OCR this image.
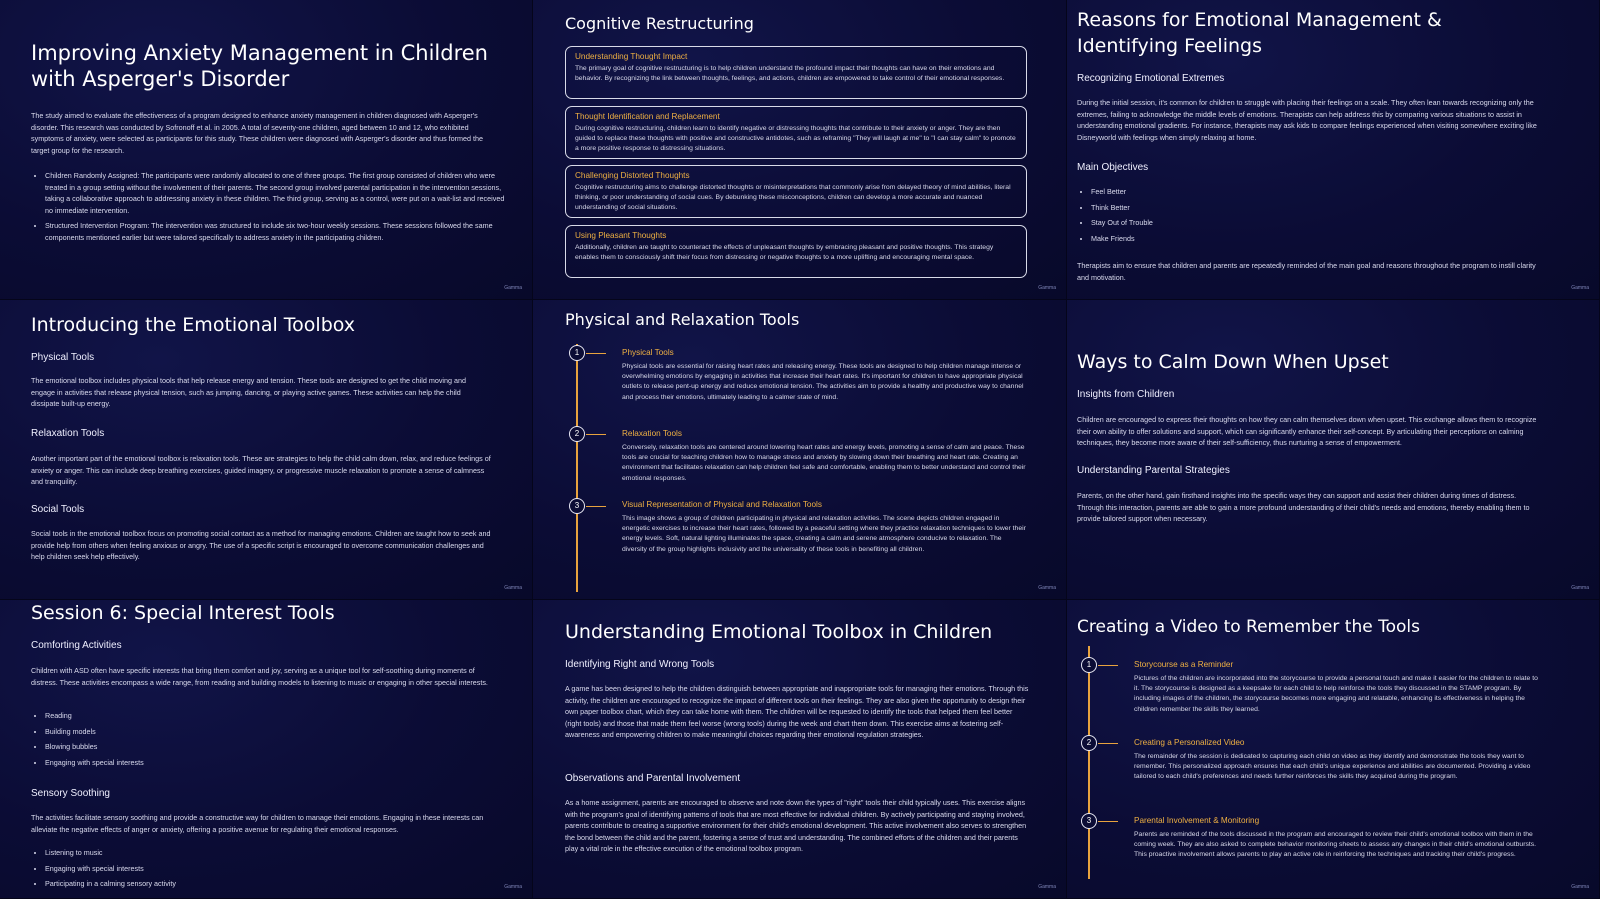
Improving Anxiety Management in Children with Asperger's Disorder

The study aimed to evaluate the effectiveness of a program designed to enhance anxiety management in children diagnosed with Asperger's disorder. This research was conducted by Sofronoff et al. in 2005. A total of seventy-one children, aged between 10 and 12, who exhibited symptoms of anxiety, were selected as participants for this study. These children were diagnosed with Asperger's disorder and thus formed the target group for the research.

• Children Randomly Assigned: The participants were randomly allocated to one of three groups. The first group consisted of children who were treated in a group setting without the involvement of their parents. The second group involved parental participation in the intervention sessions, taking a collaborative approach to addressing anxiety in these children. The third group, serving as a control, were put on a wait-list and received no immediate intervention.
• Structured Intervention Program: The intervention was structured to include six two-hour weekly sessions. These sessions followed the same components mentioned earlier but were tailored specifically to address anxiety in the participating children.
Gamma
Cognitive Restructuring

Understanding Thought Impact

The primary goal of cognitive restructuring is to help children understand the profound impact their thoughts can have on their emotions and behavior. By recognizing the link between thoughts, feelings, and actions, children are empowered to take control of their emotional responses.

Thought Identification and Replacement

During cognitive restructuring, children learn to identify negative or distressing thoughts that contribute to their anxiety or anger. They are then guided to replace these thoughts with positive and constructive antidotes, such as reframing "They will laugh at me" to "I can stay calm" to promote a more positive response to distressing situations.

Challenging Distorted Thoughts

Cognitive restructuring aims to challenge distorted thoughts or misinterpretations that commonly arise from delayed theory of mind abilities, literal thinking, or poor understanding of social cues. By debunking these misconceptions, children can develop a more accurate and nuanced understanding of social situations.

Using Pleasant Thoughts

Additionally, children are taught to counteract the effects of unpleasant thoughts by embracing pleasant and positive thoughts. This strategy enables them to consciously shift their focus from distressing or negative thoughts to a more uplifting and encouraging mental space.

Gamma
Reasons for Emotional Management & Identifying Feelings

Recognizing Emotional Extremes

During the initial session, it's common for children to struggle with placing their feelings on a scale. They often lean towards recognizing only the extremes, failing to acknowledge the middle levels of emotions. Therapists can help address this by comparing various situations to assist in understanding emotional gradients. For instance, therapists may ask kids to compare feelings experienced when visiting somewhere exciting like Disneyworld with feelings when simply relaxing at home.

Main Objectives

• Feel Better
• Think Better
• Stay Out of Trouble
• Make Friends

Therapists aim to ensure that children and parents are repeatedly reminded of the main goal and reasons throughout the program to instill clarity and motivation.

Gamma
Introducing the Emotional Toolbox

Physical Tools

The emotional toolbox includes physical tools that help release energy and tension. These tools are designed to get the child moving and engage in activities that release physical tension, such as jumping, dancing, or playing active games. These activities can help the child dissipate built-up energy.

Relaxation Tools

Another important part of the emotional toolbox is relaxation tools. These are strategies to help the child calm down, relax, and reduce feelings of anxiety or anger. This can include deep breathing exercises, guided imagery, or progressive muscle relaxation to promote a sense of calmness and tranquility.

Social Tools

Social tools in the emotional toolbox focus on promoting social contact as a method for managing emotions. Children are taught how to seek and provide help from others when feeling anxious or angry. The use of a specific script is encouraged to overcome communication challenges and help children seek help effectively.

Gamma
Physical and Relaxation Tools
1	Physical Tools

Physical tools are essential for raising heart rates and releasing energy. These tools are designed to help children manage intense or overwhelming emotions by engaging in activities that increase their heart rates. It's important for children to have appropriate physical outlets to release pent-up energy and reduce emotional tension. The activities aim to provide a healthy and productive way to channel and process their emotions, ultimately leading to a calmer state of mind.

2	Relaxation Tools

Conversely, relaxation tools are centered around lowering heart rates and energy levels, promoting a sense of calm and peace. These tools are crucial for teaching children how to manage stress and anxiety by slowing down their breathing and heart rate. Creating an environment that facilitates relaxation can help children feel safe and comfortable, enabling them to better understand and control their emotional responses.

3	Visual Representation of Physical and Relaxation Tools

This image shows a group of children participating in physical and relaxation activities. The scene depicts children engaged in energetic exercises to increase their heart rates, followed by a peaceful setting where they practice relaxation techniques to lower their energy levels. Soft, natural lighting illuminates the space, creating a calm and serene atmosphere conducive to relaxation. The diversity of the group highlights inclusivity and the universality of these tools in benefiting all children.

Gamma
Ways to Calm Down When Upset

Insights from Children

Children are encouraged to express their thoughts on how they can calm themselves down when upset. This exchange allows them to recognize their own ability to offer solutions and support, which can significantly enhance their self-concept. By articulating their perceptions on calming techniques, they become more aware of their self-sufficiency, thus nurturing a sense of empowerment.

Understanding Parental Strategies

Parents, on the other hand, gain firsthand insights into the specific ways they can support and assist their children during times of distress. Through this interaction, parents are able to gain a more profound understanding of their child's needs and emotions, thereby enabling them to provide tailored support when necessary.

Gamma
Session 6: Special Interest Tools

Comforting Activities

Children with ASD often have specific interests that bring them comfort and joy, serving as a unique tool for self-soothing during moments of distress. These activities encompass a wide range, from reading and building models to listening to music or engaging in other special interests.

• Reading
• Building models
• Blowing bubbles
• Engaging with special interests

Sensory Soothing

The activities facilitate sensory soothing and provide a constructive way for children to manage their emotions. Engaging in these interests can alleviate the negative effects of anger or anxiety, offering a positive avenue for regulating their emotional responses.

• Listening to music
• Engaging with special interests
• Participating in a calming sensory activity	Gamma
Understanding Emotional Toolbox in Children

Identifying Right and Wrong Tools

A game has been designed to help the children distinguish between appropriate and inappropriate tools for managing their emotions. Through this activity, the children are encouraged to recognize the impact of different tools on their feelings. They are also given the opportunity to design their own paper toolbox chart, which they can take home with them. The children will be requested to identify the tools that helped them feel better (right tools) and those that made them feel worse (wrong tools) during the week and chart them down. This exercise aims at fostering self-awareness and empowering children to make meaningful choices regarding their emotional regulation strategies.

Observations and Parental Involvement

As a home assignment, parents are encouraged to observe and note down the types of "right" tools their child typically uses. This exercise aligns with the program's goal of identifying patterns of tools that are most effective for individual children. By actively participating and staying involved, parents contribute to creating a supportive environment for their child's emotional development. This active involvement also serves to strengthen the bond between the child and the parent, fostering a sense of trust and understanding. The combined efforts of the children and their parents play a vital role in the effective execution of the emotional toolbox program.

Gamma
Creating a Video to Remember the Tools
1	Storycourse as a Reminder

Pictures of the children are incorporated into the storycourse to provide a personal touch and make it easier for the children to relate to it. The storycourse is designed as a keepsake for each child to help reinforce the tools they discussed in the STAMP program. By including images of the children, the storycourse becomes more engaging and relatable, enhancing its effectiveness in helping the children remember the skills they learned.

2	Creating a Personalized Video

The remainder of the session is dedicated to capturing each child on video as they identify and demonstrate the tools they want to remember. This personalized approach ensures that each child's unique experience and abilities are documented. Providing a video tailored to each child's preferences and needs further reinforces the skills they acquired during the program.

3	Parental Involvement & Monitoring

Parents are reminded of the tools discussed in the program and encouraged to review their child's emotional toolbox with them in the coming week. They are also asked to complete behavior monitoring sheets to assess any changes in their child's emotional outbursts. This proactive involvement allows parents to play an active role in reinforcing the techniques and tracking their child's progress.

Gamma
